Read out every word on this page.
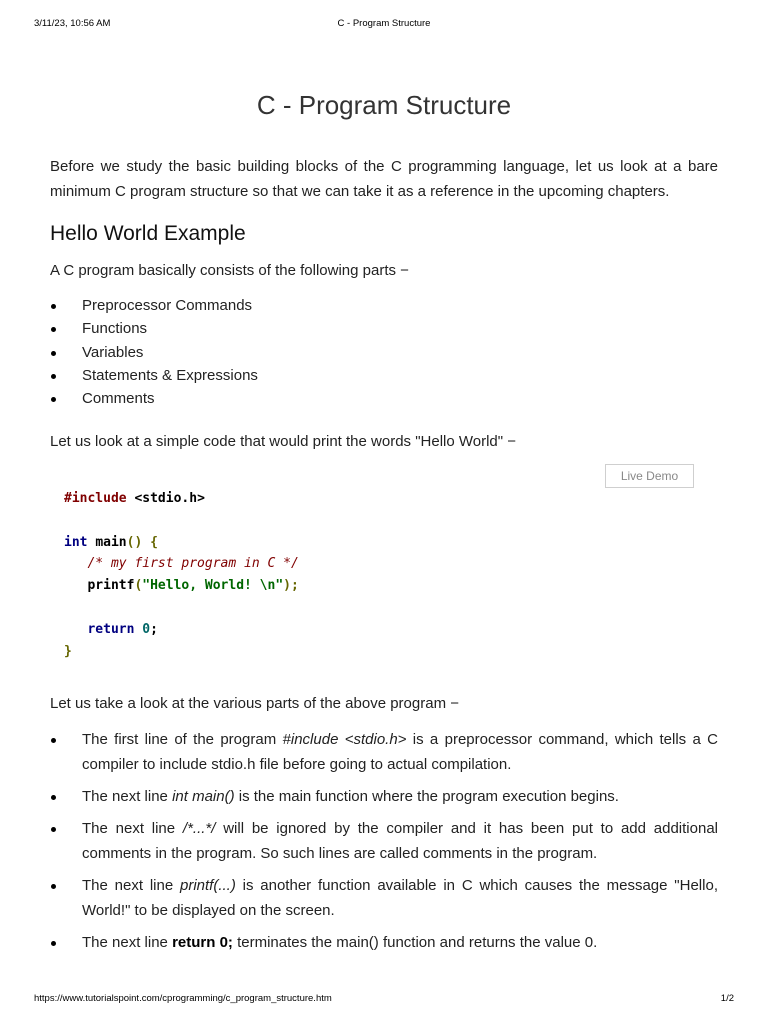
3/11/23, 10:56 AM	C - Program Structure
C - Program Structure

Before we study the basic building blocks of the C programming language, let us look at a bare minimum C program structure so that we can take it as a reference in the upcoming chapters.

Hello World Example

A C program basically consists of the following parts −

Preprocessor Commands
Functions
Variables
Statements & Expressions
Comments

Let us look at a simple code that would print the words "Hello World" −

Live Demo
#include <stdio.h>

int main() {
/* my first program in C */
printf("Hello, World! \n");

return 0;
}

Let us take a look at the various parts of the above program −

The first line of the program #include <stdio.h> is a preprocessor command, which tells a C compiler to include stdio.h file before going to actual compilation.
The next line int main() is the main function where the program execution begins.
The next line /*...*/ will be ignored by the compiler and it has been put to add additional comments in the program. So such lines are called comments in the program.
The next line printf(...) is another function available in C which causes the message "Hello, World!" to be displayed on the screen.
The next line return 0; terminates the main() function and returns the value 0.
https://www.tutorialspoint.com/cprogramming/c_program_structure.htm	1/2
